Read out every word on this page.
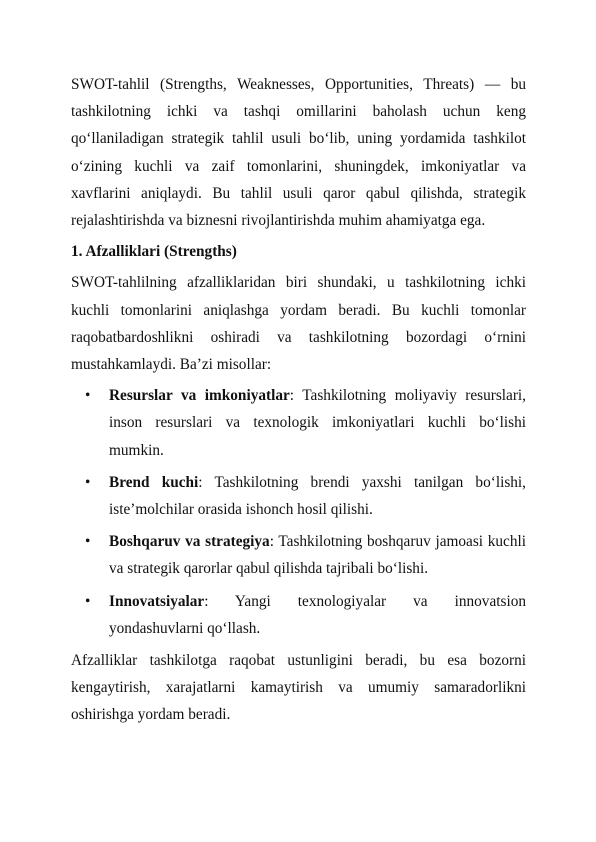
SWOT-tahlil (Strengths, Weaknesses, Opportunities, Threats) — bu tashkilotning ichki va tashqi omillarini baholash uchun keng qo‘llaniladigan strategik tahlil usuli bo‘lib, uning yordamida tashkilot o‘zining kuchli va zaif tomonlarini, shuningdek, imkoniyatlar va xavflarini aniqlaydi. Bu tahlil usuli qaror qabul qilishda, strategik rejalashtirishda va biznesni rivojlantirishda muhim ahamiyatga ega.

1. Afzalliklari (Strengths)

SWOT-tahlilning afzalliklaridan biri shundaki, u tashkilotning ichki kuchli tomonlarini aniqlashga yordam beradi. Bu kuchli tomonlar raqobatbardoshlikni oshiradi va tashkilotning bozordagi o‘rnini mustahkamlaydi. Ba’zi misollar:

• Resurslar va imkoniyatlar: Tashkilotning moliyaviy resurslari, inson resurslari va texnologik imkoniyatlari kuchli bo‘lishi mumkin.
• Brend kuchi: Tashkilotning brendi yaxshi tanilgan bo‘lishi, iste’molchilar orasida ishonch hosil qilishi.
• Boshqaruv va strategiya: Tashkilotning boshqaruv jamoasi kuchli va strategik qarorlar qabul qilishda tajribali bo‘lishi.
• Innovatsiyalar: Yangi texnologiyalar va innovatsion yondashuvlarni qo‘llash.

Afzalliklar tashkilotga raqobat ustunligini beradi, bu esa bozorni kengaytirish, xarajatlarni kamaytirish va umumiy samaradorlikni oshirishga yordam beradi.
